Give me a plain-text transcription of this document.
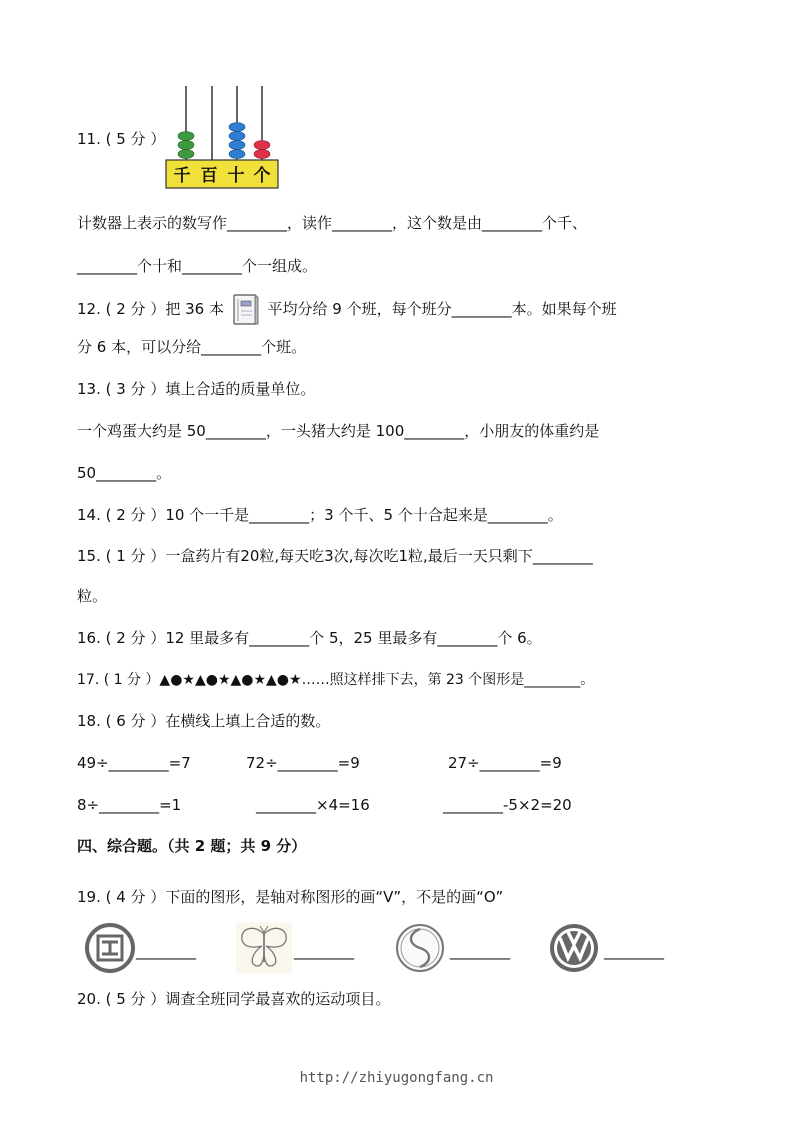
11. ( 5 分 ）
千 百 十 个
计数器上表示的数写作________，读作________，这个数是由________个千、
________个十和________个一组成。
12. ( 2 分 ）把 36 本	平均分给 9 个班，每个班分________本。如果每个班
分 6 本，可以分给________个班。
13. ( 3 分 ）填上合适的质量单位。
一个鸡蛋大约是 50________，一头猪大约是 100________，小朋友的体重约是
50________。
14. ( 2 分 ）10 个一千是________；3 个千、5 个十合起来是________。
15. ( 1 分 ）一盒药片有20粒,每天吃3次,每次吃1粒,最后一天只剩下________
粒。
16. ( 2 分 ）12 里最多有________个 5，25 里最多有________个 6。
17. ( 1 分 ）▲●★▲●★▲●★▲●★……照这样排下去，第 23 个图形是________。
18. ( 6 分 ）在横线上填上合适的数。
49÷________=7	72÷________=9	27÷________=9
8÷________=1	________×4=16	________-5×2=20
四、综合题。（共 2 题；共 9 分）
19. ( 4 分 ）下面的图形，是轴对称图形的画“V”，不是的画“O”
________	________	________	________
20. ( 5 分 ）调查全班同学最喜欢的运动项目。
http://zhiyugongfang.cn
